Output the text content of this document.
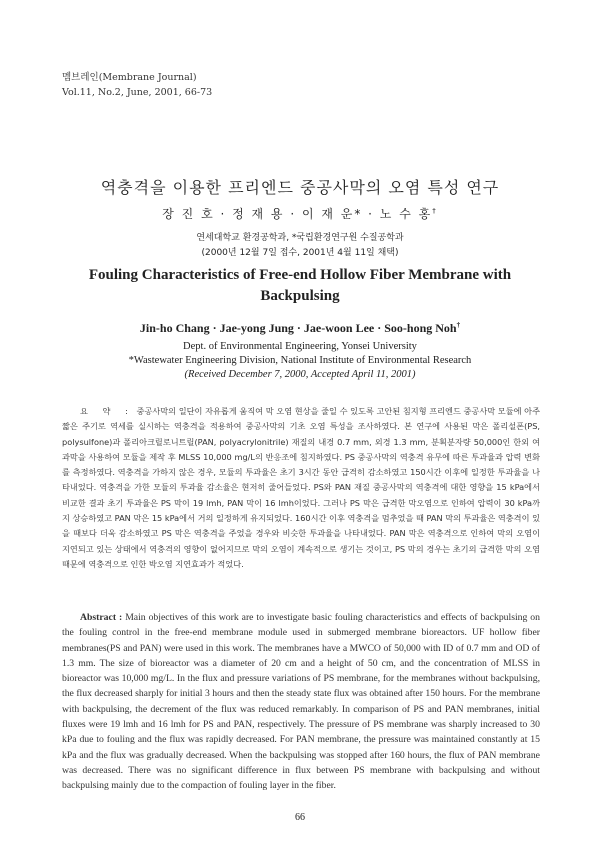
멤브레인(Membrane Journal)
Vol.11, No.2, June, 2001, 66-73
역충격을 이용한 프리엔드 중공사막의 오염 특성 연구
장 진 호 · 정 재 용 · 이 재 운* · 노 수 홍†
연세대학교 환경공학과, *국립환경연구원 수질공학과
(2000년 12월 7일 접수, 2001년 4월 11일 채택)
Fouling Characteristics of Free-end Hollow Fiber Membrane with Backpulsing
Jin-ho Chang · Jae-yong Jung · Jae-woon Lee · Soo-hong Noh†
Dept. of Environmental Engineering, Yonsei University
*Wastewater Engineering Division, National Institute of Environmental Research
(Received December 7, 2000, Accepted April 11, 2001)
요 약 : 중공사막의 일단이 자유롭게 움직여 막 오염 현상을 줄일 수 있도록 고안된 침지형 프리엔드 중공사막 모듈에 아주 짧은 주기로 역세를 실시하는 역충격을 적용하여 중공사막의 기초 오염 특성을 조사하였다. 본 연구에 사용된 막은 폴리설폰(PS, polysulfone)과 폴리아크릴로니트릴(PAN, polyacrylonitrile) 재질의 내경 0.7 mm, 외경 1.3 mm, 분획분자량 50,000인 한외 여과막을 사용하여 모듈을 제작 후 MLSS 10,000 mg/L의 반응조에 침지하였다. PS 중공사막의 역충격 유무에 따른 투과율과 압력 변화를 측정하였다. 역충격을 가하지 않은 경우, 모듈의 투과율은 초기 3시간 동안 급격히 감소하였고 150시간 이후에 일정한 투과율을 나타내었다. 역충격을 가한 모듈의 투과율 감소율은 현저히 줄어들었다. PS와 PAN 재질 중공사막의 역충격에 대한 영향을 15 kPa에서 비교한 결과 초기 투과율은 PS 막이 19 lmh, PAN 막이 16 lmh이었다. 그러나 PS 막은 급격한 막오염으로 인하여 압력이 30 kPa까지 상승하였고 PAN 막은 15 kPa에서 거의 일정하게 유지되었다. 160시간 이후 역충격을 멈추었을 때 PAN 막의 투과율은 역충격이 있을 때보다 더욱 감소하였고 PS 막은 역충격을 주었을 경우와 비슷한 투과율을 나타내었다. PAN 막은 역충격으로 인하여 막의 오염이 지연되고 있는 상태에서 역충격의 영향이 없어지므로 막의 오염이 계속적으로 생기는 것이고, PS 막의 경우는 초기의 급격한 막의 오염 때문에 역충격으로 인한 박오염 지연효과가 적었다.
Abstract : Main objectives of this work are to investigate basic fouling characteristics and effects of backpulsing on the fouling control in the free-end membrane module used in submerged membrane bioreactors. UF hollow fiber membranes(PS and PAN) were used in this work. The membranes have a MWCO of 50,000 with ID of 0.7 mm and OD of 1.3 mm. The size of bioreactor was a diameter of 20 cm and a height of 50 cm, and the concentration of MLSS in bioreactor was 10,000 mg/L. In the flux and pressure variations of PS membrane, for the membranes without backpulsing, the flux decreased sharply for initial 3 hours and then the steady state flux was obtained after 150 hours. For the membrane with backpulsing, the decrement of the flux was reduced remarkably. In comparison of PS and PAN membranes, initial fluxes were 19 lmh and 16 lmh for PS and PAN, respectively. The pressure of PS membrane was sharply increased to 30 kPa due to fouling and the flux was rapidly decreased. For PAN membrane, the pressure was maintained constantly at 15 kPa and the flux was gradually decreased. When the backpulsing was stopped after 160 hours, the flux of PAN membrane was decreased. There was no significant difference in flux between PS membrane with backpulsing and without backpulsing mainly due to the compaction of fouling layer in the fiber.
66
